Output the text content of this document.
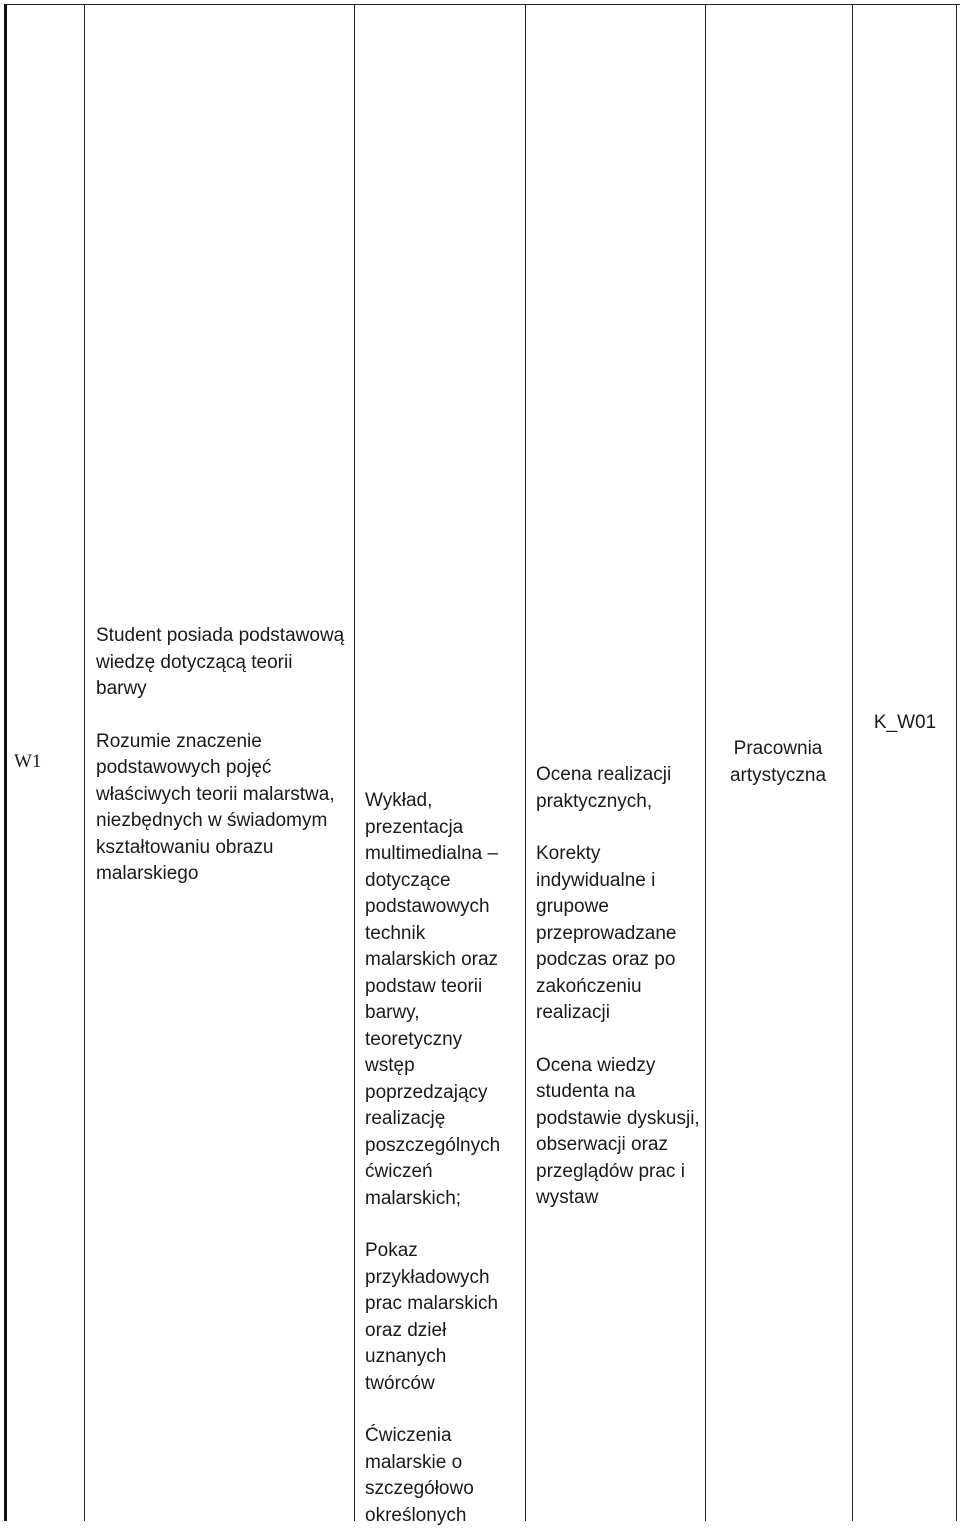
W1

Student posiada podstawową wiedzę dotyczącą teorii barwy

Rozumie znaczenie podstawowych pojęć właściwych teorii malarstwa, niezbędnych w świadomym kształtowaniu obrazu malarskiego

Wykład, prezentacja multimedialna – dotyczące podstawowych technik malarskich oraz podstaw teorii barwy, teoretyczny wstęp poprzedzający realizację poszczególnych ćwiczeń malarskich;

Pokaz przykładowych prac malarskich oraz dzieł uznanych twórców

Ćwiczenia malarskie o szczegółowo określonych

Ocena realizacji praktycznych,

Korekty indywidualne i grupowe przeprowadzane podczas oraz po zakończeniu realizacji

Ocena wiedzy studenta na podstawie dyskusji, obserwacji oraz przeglądów prac i wystaw

Pracownia artystyczna
K_W01
